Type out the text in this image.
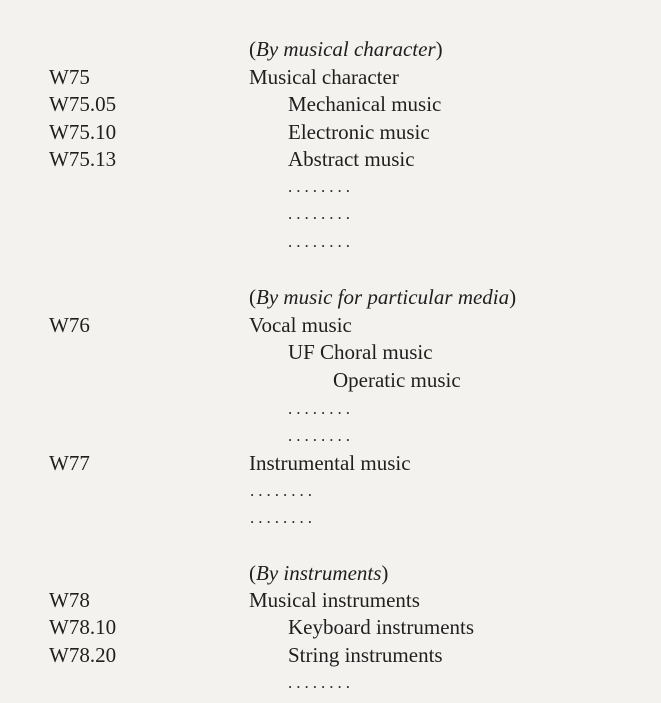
(By musical character)
W75	Musical character
W75.05	Mechanical music
W75.10	Electronic music
W75.13	Abstract music
........
........
........
(By music for particular media)
W76	Vocal music
UF Choral music
Operatic music
........
........
W77	Instrumental music
........
........
(By instruments)
W78	Musical instruments
W78.10	Keyboard instruments
W78.20	String instruments
........
